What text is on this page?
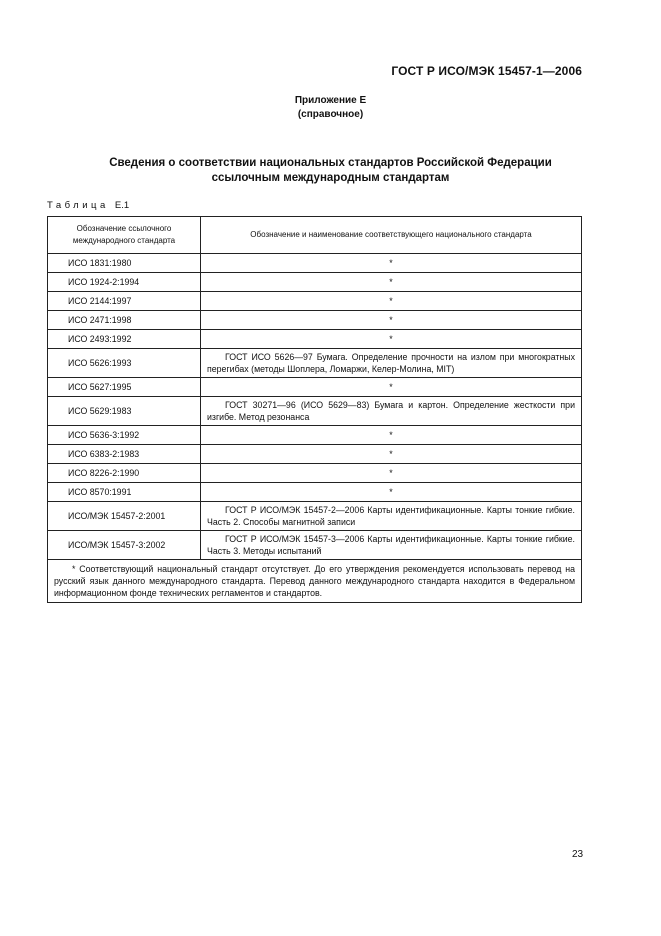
ГОСТ Р ИСО/МЭК 15457-1—2006
Приложение Е
(справочное)
Сведения о соответствии национальных стандартов Российской Федерации
ссылочным международным стандартам
Таблица Е.1
Обозначение ссылочного международного стандарта	Обозначение и наименование соответствующего национального стандарта
ИСО 1831:1980	*
ИСО 1924-2:1994	*
ИСО 2144:1997	*
ИСО 2471:1998	*
ИСО 2493:1992	*
ИСО 5626:1993	ГОСТ ИСО 5626—97 Бумага. Определение прочности на излом при многократных перегибах (методы Шоплера, Ломаржи, Келер-Молина, MIT)
ИСО 5627:1995	*
ИСО 5629:1983	ГОСТ 30271—96 (ИСО 5629—83) Бумага и картон. Определение жесткости при изгибе. Метод резонанса
ИСО 5636-3:1992	*
ИСО 6383-2:1983	*
ИСО 8226-2:1990	*
ИСО 8570:1991	*
ИСО/МЭК 15457-2:2001	ГОСТ Р ИСО/МЭК 15457-2—2006 Карты идентификационные. Карты тонкие гибкие. Часть 2. Способы магнитной записи
ИСО/МЭК 15457-3:2002	ГОСТ Р ИСО/МЭК 15457-3—2006 Карты идентификационные. Карты тонкие гибкие. Часть 3. Методы испытаний
* Соответствующий национальный стандарт отсутствует. До его утверждения рекомендуется использовать перевод на русский язык данного международного стандарта. Перевод данного международного стандарта находится в Федеральном информационном фонде технических регламентов и стандартов.	
23
